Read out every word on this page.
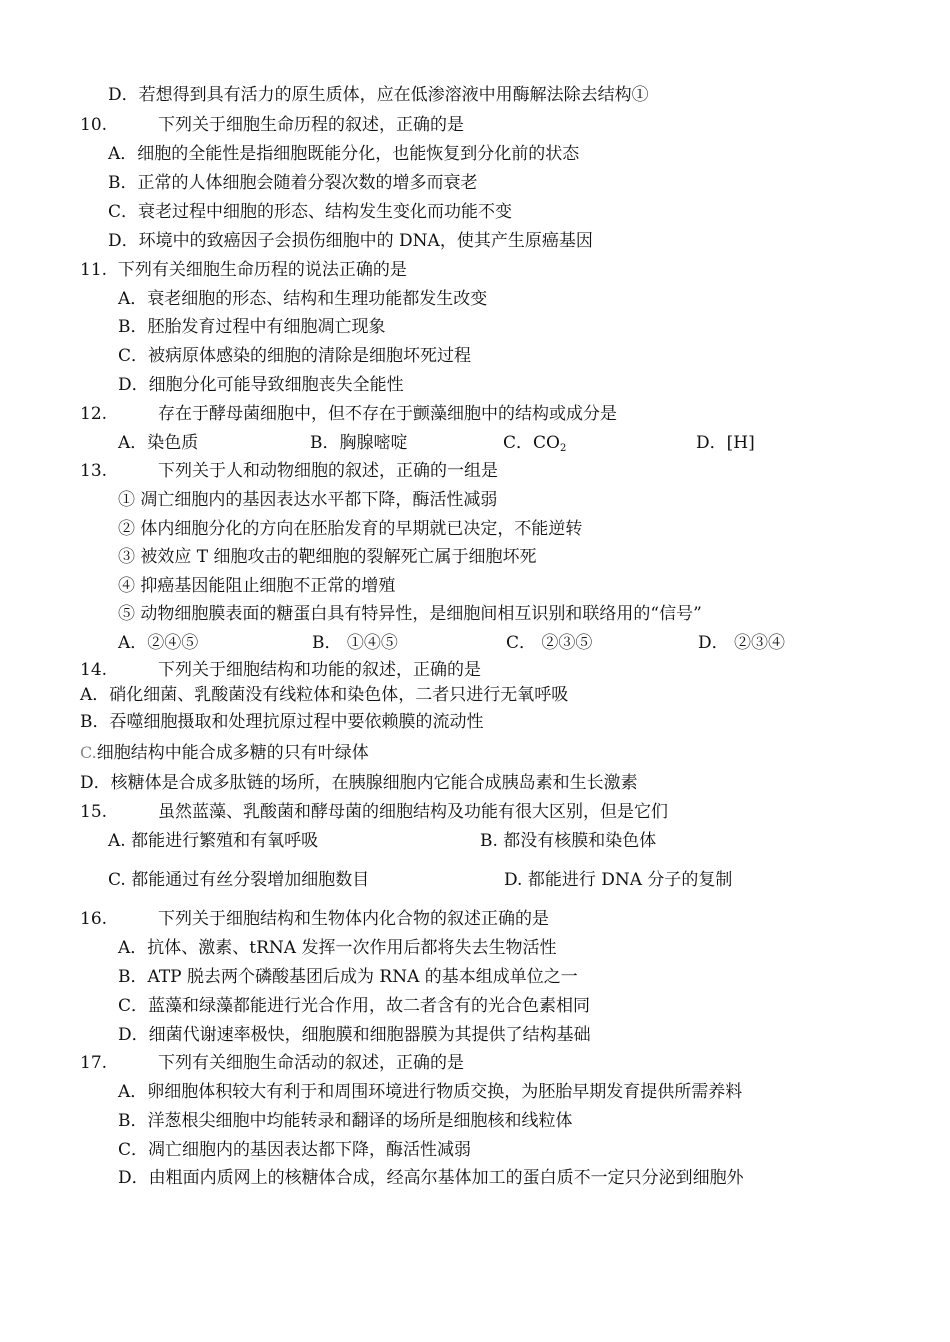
D．若想得到具有活力的原生质体，应在低渗溶液中用酶解法除去结构①
10.	下列关于细胞生命历程的叙述，正确的是
A．细胞的全能性是指细胞既能分化，也能恢复到分化前的状态
B．正常的人体细胞会随着分裂次数的增多而衰老
C．衰老过程中细胞的形态、结构发生变化而功能不变
D．环境中的致癌因子会损伤细胞中的 DNA，使其产生原癌基因
11. 下列有关细胞生命历程的说法正确的是
A．衰老细胞的形态、结构和生理功能都发生改变
B．胚胎发育过程中有细胞凋亡现象
C．被病原体感染的细胞的清除是细胞坏死过程
D．细胞分化可能导致细胞丧失全能性
12.	存在于酵母菌细胞中，但不存在于颤藻细胞中的结构或成分是
A．染色质	B．胸腺嘧啶	C．$CO_2$	D．[H]
13.	下列关于人和动物细胞的叙述，正确的一组是
① 凋亡细胞内的基因表达水平都下降，酶活性减弱
② 体内细胞分化的方向在胚胎发育的早期就已决定，不能逆转
③ 被效应 T 细胞攻击的靶细胞的裂解死亡属于细胞坏死
④ 抑癌基因能阻止细胞不正常的增殖
⑤ 动物细胞膜表面的糖蛋白具有特异性，是细胞间相互识别和联络用的“信号”
A．②④⑤	B． ①④⑤	C． ②③⑤	D． ②③④
14.	下列关于细胞结构和功能的叙述，正确的是
A．硝化细菌、乳酸菌没有线粒体和染色体，二者只进行无氧呼吸
B．吞噬细胞摄取和处理抗原过程中要依赖膜的流动性
C.细胞结构中能合成多糖的只有叶绿体
D．核糖体是合成多肽链的场所，在胰腺细胞内它能合成胰岛素和生长激素
15.	虽然蓝藻、乳酸菌和酵母菌的细胞结构及功能有很大区别，但是它们
A. 都能进行繁殖和有氧呼吸	B. 都没有核膜和染色体
C. 都能通过有丝分裂增加细胞数目	D. 都能进行 DNA 分子的复制
16.	下列关于细胞结构和生物体内化合物的叙述正确的是
A．抗体、激素、tRNA 发挥一次作用后都将失去生物活性
B．ATP 脱去两个磷酸基团后成为 RNA 的基本组成单位之一
C．蓝藻和绿藻都能进行光合作用，故二者含有的光合色素相同
D．细菌代谢速率极快，细胞膜和细胞器膜为其提供了结构基础
17.	下列有关细胞生命活动的叙述，正确的是
A．卵细胞体积较大有利于和周围环境进行物质交换，为胚胎早期发育提供所需养料
B．洋葱根尖细胞中均能转录和翻译的场所是细胞核和线粒体
C．凋亡细胞内的基因表达都下降，酶活性减弱
D．由粗面内质网上的核糖体合成，经高尔基体加工的蛋白质不一定只分泌到细胞外
